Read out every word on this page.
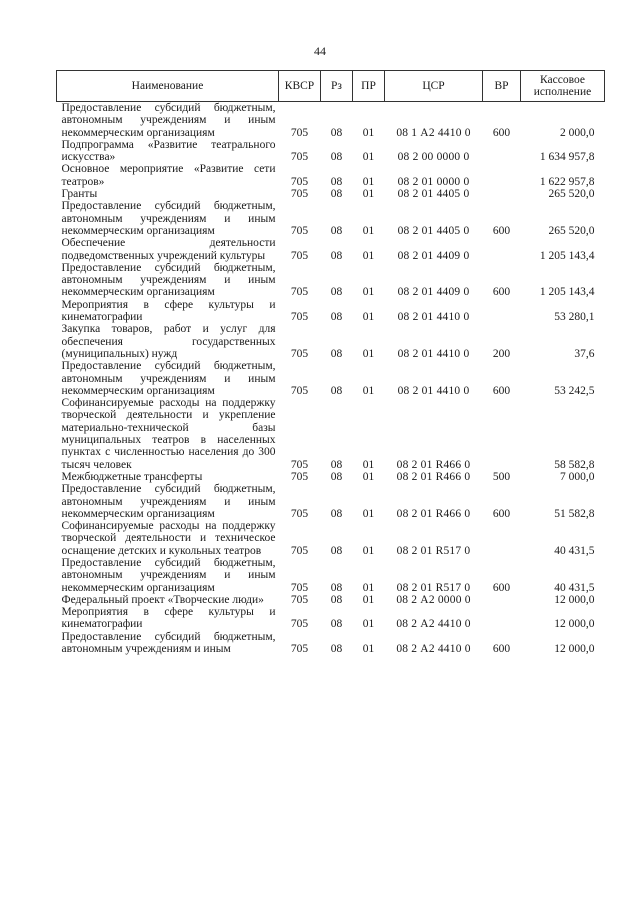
44
Наименование	КВСР	Рз	ПР	ЦСР	ВР	Кассовое исполнение
Предоставление субсидий бюджетным, автономным учреждениям и иным некоммерческим организациям	705	08	01	08 1 А2 4410 0	600	2 000,0
Подпрограмма «Развитие театрального искусства»	705	08	01	08 2 00 0000 0		1 634 957,8
Основное мероприятие «Развитие сети театров»	705	08	01	08 2 01 0000 0		1 622 957,8
Гранты	705	08	01	08 2 01 4405 0		265 520,0
Предоставление субсидий бюджетным, автономным учреждениям и иным некоммерческим организациям	705	08	01	08 2 01 4405 0	600	265 520,0
Обеспечение деятельности подведомственных учреждений культуры	705	08	01	08 2 01 4409 0		1 205 143,4
Предоставление субсидий бюджетным, автономным учреждениям и иным некоммерческим организациям	705	08	01	08 2 01 4409 0	600	1 205 143,4
Мероприятия в сфере культуры и кинематографии	705	08	01	08 2 01 4410 0		53 280,1
Закупка товаров, работ и услуг для обеспечения государственных (муниципальных) нужд	705	08	01	08 2 01 4410 0	200	37,6
Предоставление субсидий бюджетным, автономным учреждениям и иным некоммерческим организациям	705	08	01	08 2 01 4410 0	600	53 242,5
Софинансируемые расходы на поддержку творческой деятельности и укрепление материально-технической базы муниципальных театров в населенных пунктах с численностью населения до 300 тысяч человек	705	08	01	08 2 01 R466 0		58 582,8
Межбюджетные трансферты	705	08	01	08 2 01 R466 0	500	7 000,0
Предоставление субсидий бюджетным, автономным учреждениям и иным некоммерческим организациям	705	08	01	08 2 01 R466 0	600	51 582,8
Софинансируемые расходы на поддержку творческой деятельности и техническое оснащение детских и кукольных театров	705	08	01	08 2 01 R517 0		40 431,5
Предоставление субсидий бюджетным, автономным учреждениям и иным некоммерческим организациям	705	08	01	08 2 01 R517 0	600	40 431,5
Федеральный проект «Творческие люди»	705	08	01	08 2 А2 0000 0		12 000,0
Мероприятия в сфере культуры и кинематографии	705	08	01	08 2 А2 4410 0		12 000,0
Предоставление субсидий бюджетным, автономным учреждениям и иным	705	08	01	08 2 А2 4410 0	600	12 000,0
